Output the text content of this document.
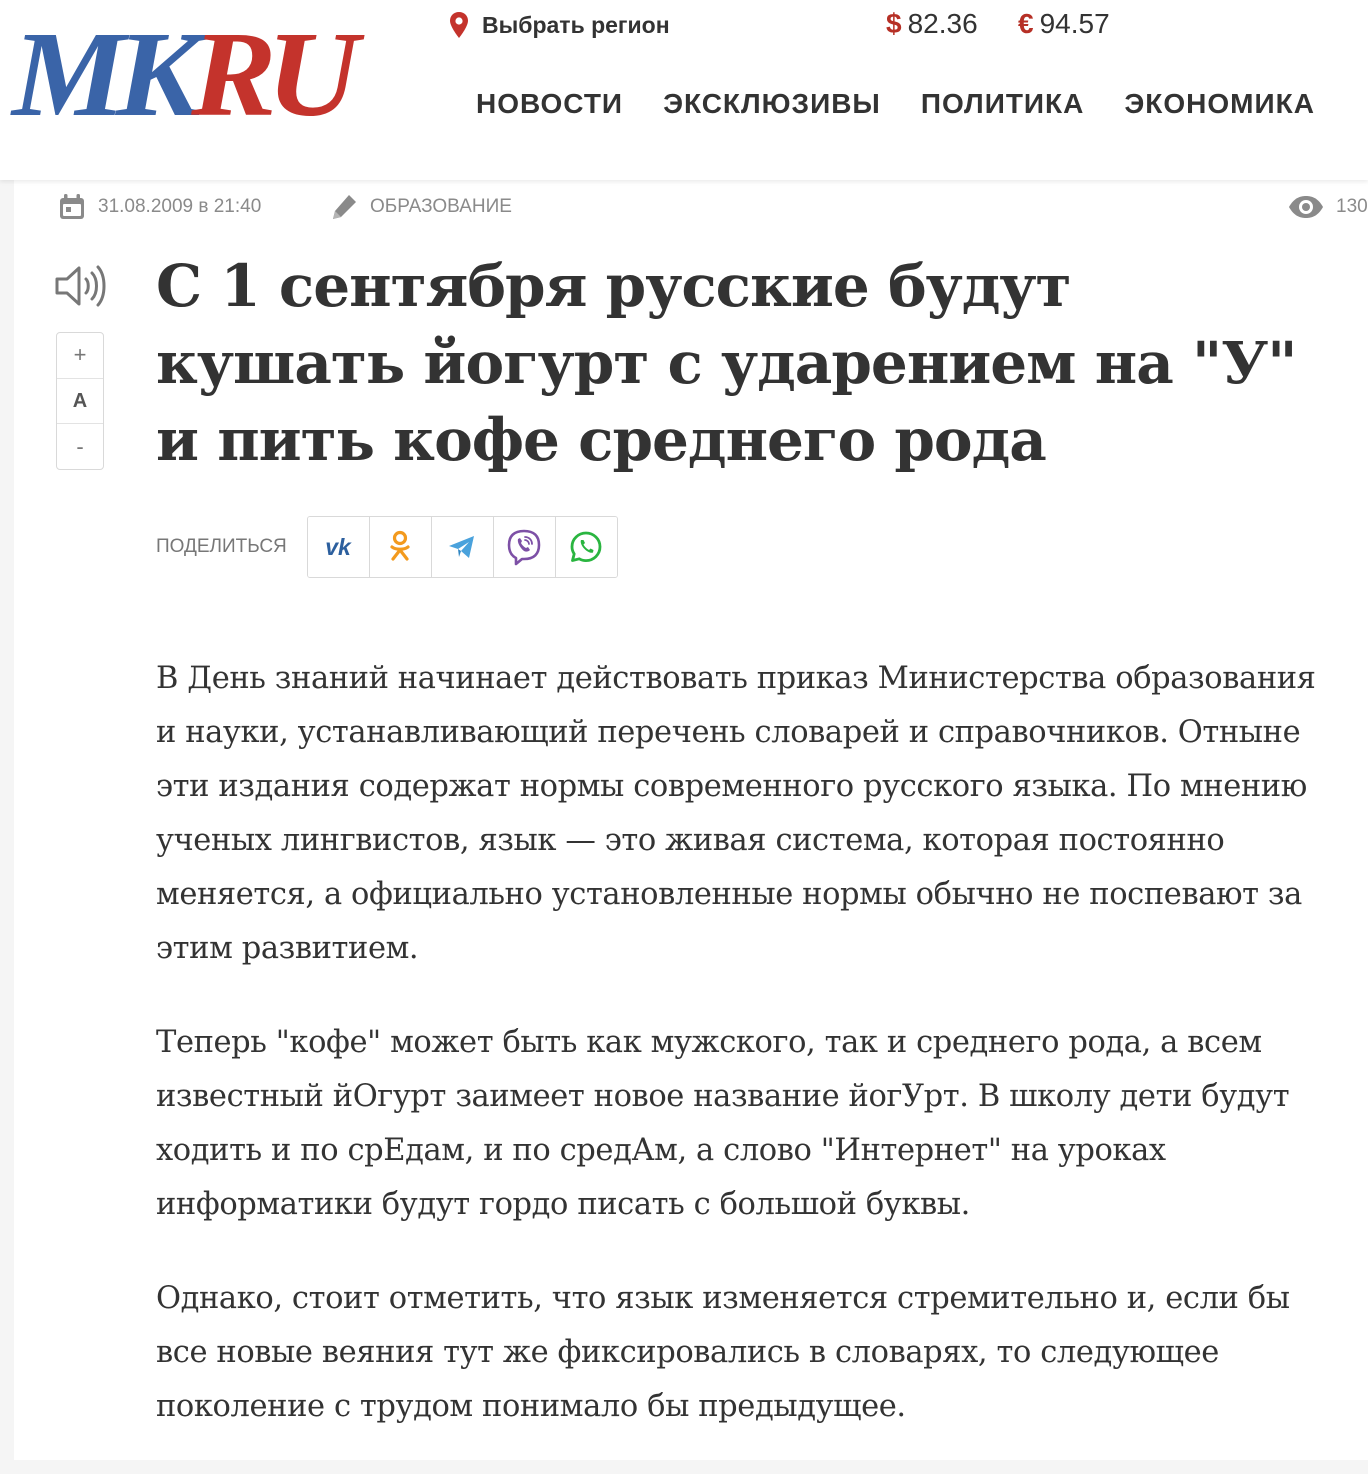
MKRU	Выбрать регион	$ 82.36 € 94.57
НОВОСТИ ЭКСКЛЮЗИВЫ ПОЛИТИКА ЭКОНОМИКА
31.08.2009 в 21:40	ОБРАЗОВАНИЕ	130
+
A
-
С 1 сентября русские будут кушать йогурт с ударением на "У" и пить кофе среднего рода
ПОДЕЛИТЬСЯ vk

В День знаний начинает действовать приказ Министерства образования и науки, устанавливающий перечень словарей и справочников. Отныне эти издания содержат нормы современного русского языка. По мнению ученых лингвистов, язык — это живая система, которая постоянно меняется, а официально установленные нормы обычно не поспевают за этим развитием.

Теперь "кофе" может быть как мужского, так и среднего рода, а всем известный йОгурт заимеет новое название йогУрт. В школу дети будут ходить и по срЕдам, и по средАм, а слово "Интернет" на уроках информатики будут гордо писать с большой буквы.

Однако, стоит отметить, что язык изменяется стремительно и, если бы все новые веяния тут же фиксировались в словарях, то следующее поколение с трудом понимало бы предыдущее.
